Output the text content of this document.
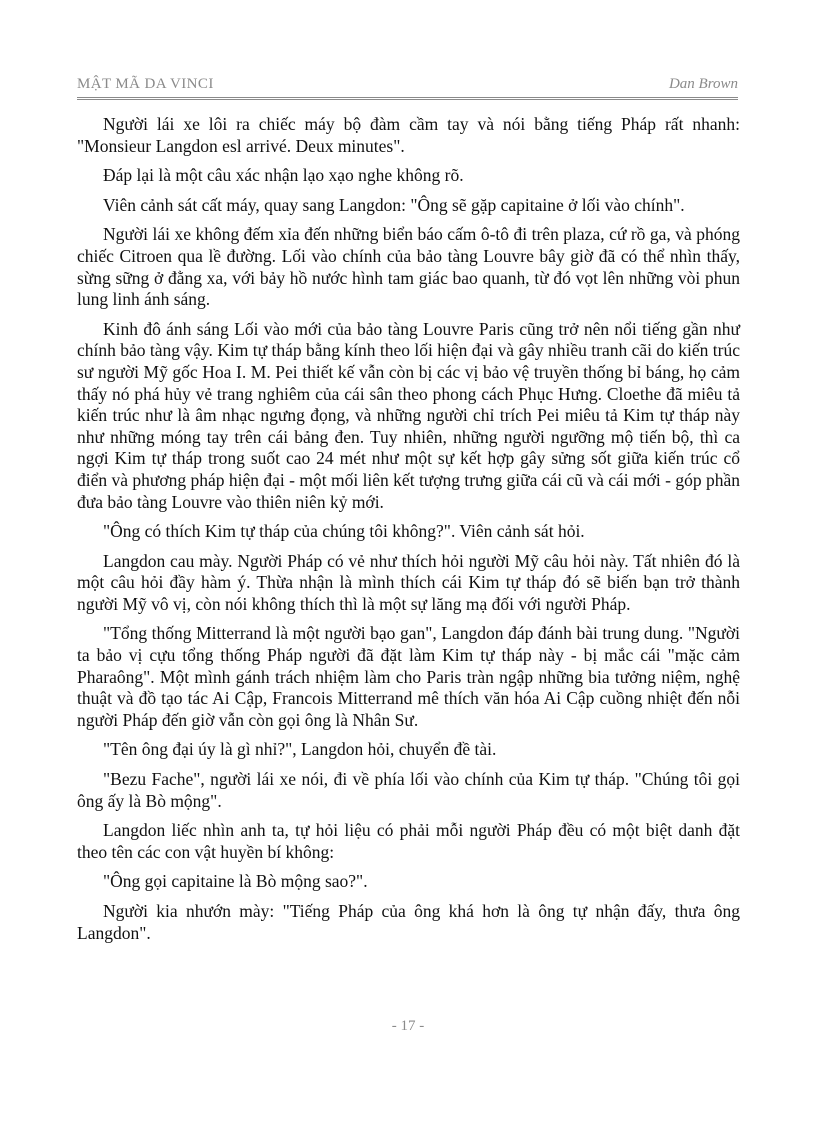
MẬT MÃ DA VINCI	Dan Brown

Người lái xe lôi ra chiếc máy bộ đàm cầm tay và nói bằng tiếng Pháp rất nhanh: "Monsieur Langdon esl arrivé. Deux minutes".

Đáp lại là một câu xác nhận lạo xạo nghe không rõ.

Viên cảnh sát cất máy, quay sang Langdon: "Ông sẽ gặp capitaine ở lối vào chính".

Người lái xe không đếm xỉa đến những biển báo cấm ô-tô đi trên plaza, cứ rồ ga, và phóng chiếc Citroen qua lề đường. Lối vào chính của bảo tàng Louvre bây giờ đã có thể nhìn thấy, sừng sững ở đằng xa, với bảy hồ nước hình tam giác bao quanh, từ đó vọt lên những vòi phun lung linh ánh sáng.

Kinh đô ánh sáng Lối vào mới của bảo tàng Louvre Paris cũng trở nên nổi tiếng gần như chính bảo tàng vậy. Kim tự tháp bằng kính theo lối hiện đại và gây nhiều tranh cãi do kiến trúc sư người Mỹ gốc Hoa I. M. Pei thiết kế vẫn còn bị các vị bảo vệ truyền thống bỉ báng, họ cảm thấy nó phá hủy vẻ trang nghiêm của cái sân theo phong cách Phục Hưng. Cloethe đã miêu tả kiến trúc như là âm nhạc ngưng đọng, và những người chỉ trích Pei miêu tả Kim tự tháp này như những móng tay trên cái bảng đen. Tuy nhiên, những người ngưỡng mộ tiến bộ, thì ca ngợi Kim tự tháp trong suốt cao 24 mét như một sự kết hợp gây sửng sốt giữa kiến trúc cổ điển và phương pháp hiện đại - một mối liên kết tượng trưng giữa cái cũ và cái mới - góp phần đưa bảo tàng Louvre vào thiên niên kỷ mới.

"Ông có thích Kim tự tháp của chúng tôi không?". Viên cảnh sát hỏi.

Langdon cau mày. Người Pháp có vẻ như thích hỏi người Mỹ câu hỏi này. Tất nhiên đó là một câu hỏi đầy hàm ý. Thừa nhận là mình thích cái Kim tự tháp đó sẽ biến bạn trở thành người Mỹ vô vị, còn nói không thích thì là một sự lăng mạ đối với người Pháp.

"Tổng thống Mitterrand là một người bạo gan", Langdon đáp đánh bài trung dung. "Người ta bảo vị cựu tổng thống Pháp người đã đặt làm Kim tự tháp này - bị mắc cái "mặc cảm Pharaông". Một mình gánh trách nhiệm làm cho Paris tràn ngập những bia tưởng niệm, nghệ thuật và đồ tạo tác Ai Cập, Francois Mitterrand mê thích văn hóa Ai Cập cuồng nhiệt đến nỗi người Pháp đến giờ vẫn còn gọi ông là Nhân Sư.

"Tên ông đại úy là gì nhỉ?", Langdon hỏi, chuyển đề tài.

"Bezu Fache", người lái xe nói, đi về phía lối vào chính của Kim tự tháp. "Chúng tôi gọi ông ấy là Bò mộng".

Langdon liếc nhìn anh ta, tự hỏi liệu có phải mỗi người Pháp đều có một biệt danh đặt theo tên các con vật huyền bí không:

"Ông gọi capitaine là Bò mộng sao?".

Người kia nhướn mày: "Tiếng Pháp của ông khá hơn là ông tự nhận đấy, thưa ông Langdon".

- 17 -
